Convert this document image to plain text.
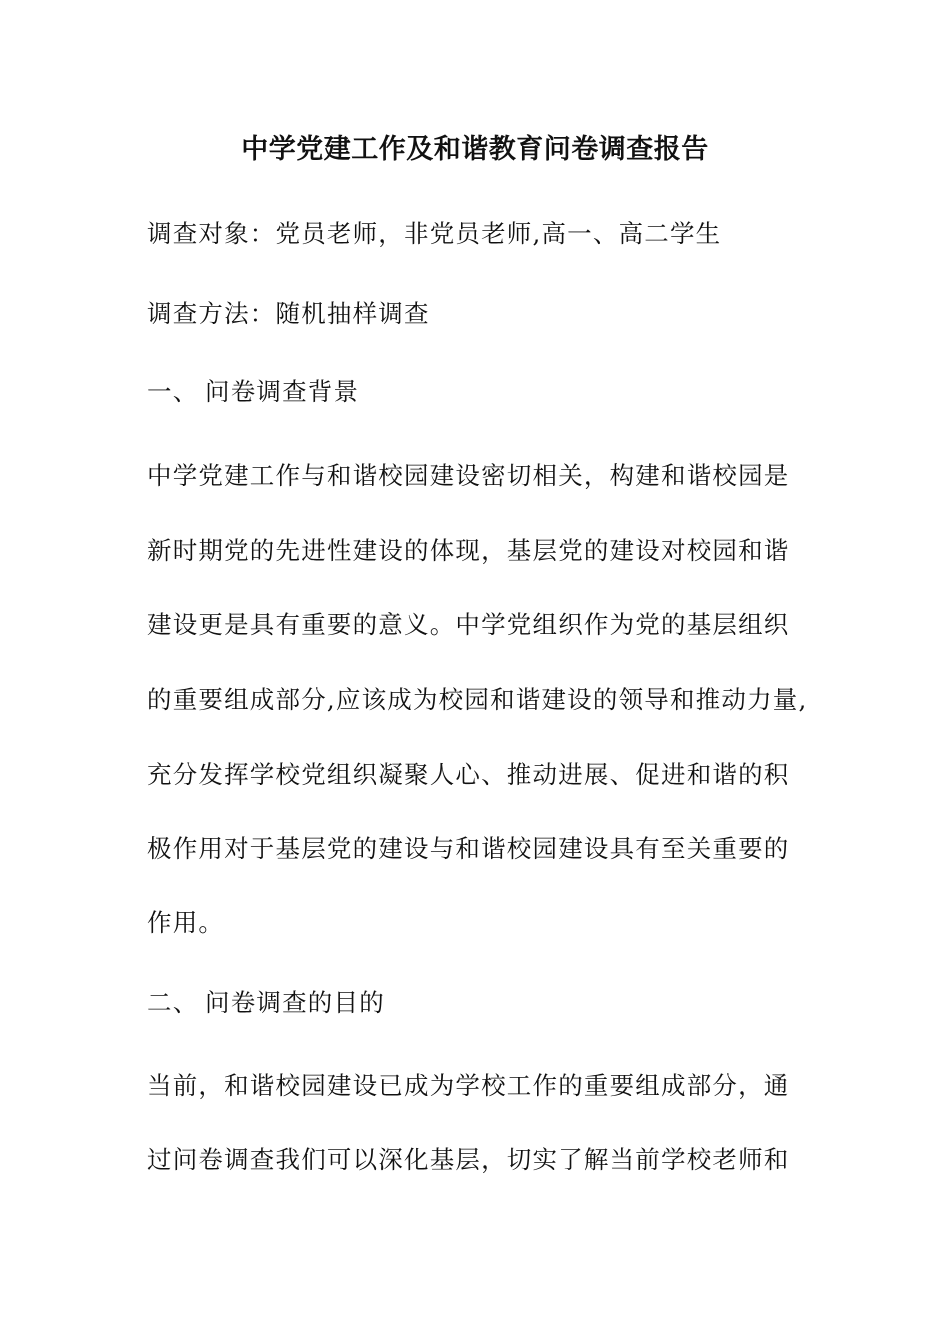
中学党建工作及和谐教育问卷调查报告

调查对象：党员老师，非党员老师,高一、高二学生

调查方法：随机抽样调查

一、 问卷调查背景

中学党建工作与和谐校园建设密切相关，构建和谐校园是

新时期党的先进性建设的体现，基层党的建设对校园和谐

建设更是具有重要的意义。中学党组织作为党的基层组织

的重要组成部分,应该成为校园和谐建设的领导和推动力量,

充分发挥学校党组织凝聚人心、推动进展、促进和谐的积

极作用对于基层党的建设与和谐校园建设具有至关重要的

作用。

二、 问卷调查的目的

当前，和谐校园建设已成为学校工作的重要组成部分，通

过问卷调查我们可以深化基层，切实了解当前学校老师和
